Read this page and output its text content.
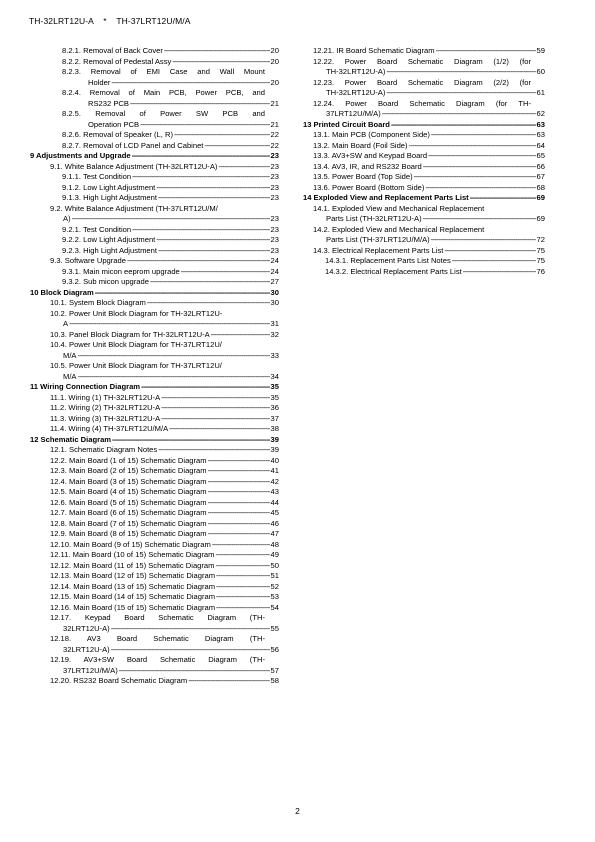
TH-32LRT12U-A    *    TH-37LRT12U/M/A
8.2.1. Removal of Back Cover -----	20
8.2.2. Removal of Pedestal Assy -----	20
8.2.3. Removal of EMI Case and Wall Mount
Holder -----	20
8.2.4. Removal of Main PCB, Power PCB, and
RS232 PCB -----	21
8.2.5. Removal of Power SW PCB and
Operation PCB -----	21
8.2.6. Removal of Speaker (L, R) -----	22
8.2.7. Removal of LCD Panel and Cabinet -----	22
9 Adjustments and Upgrade -----	23
9.1. White Balance Adjustment (TH-32LRT12U-A) -----	23
9.1.1. Test Condition -----	23
9.1.2. Low Light Adjustment -----	23
9.1.3. High Light Adjustment -----	23
9.2. White Balance Adjustment (TH-37LRT12U/M/
A) -----	23
9.2.1. Test Condition -----	23
9.2.2. Low Light Adjustment -----	23
9.2.3. High Light Adjustment -----	23
9.3. Software Upgrade -----	24
9.3.1. Main micon eeprom upgrade -----	24
9.3.2. Sub micon upgrade -----	27
10 Block Diagram -----	30
10.1. System Block Diagram -----	30
10.2. Power Unit Block Diagram for TH-32LRT12U-
A -----	31
10.3. Panel Block Diagram for TH-32LRT12U-A -----	32
10.4. Power Unit Block Diagram for TH-37LRT12U/
M/A -----	33
10.5. Power Unit Block Diagram for TH-37LRT12U/
M/A -----	34
11 Wiring Connection Diagram -----	35
11.1. Wiring (1) TH-32LRT12U-A -----	35
11.2. Wiring (2) TH-32LRT12U-A -----	36
11.3. Wiring (3) TH-32LRT12U-A -----	37
11.4. Wiring (4) TH-37LRT12U/M/A -----	38
12 Schematic Diagram -----	39
12.1. Schematic Diagram Notes -----	39
12.2. Main Board (1 of 15) Schematic Diagram -----	40
12.3. Main Board (2 of 15) Schematic Diagram -----	41
12.4. Main Board (3 of 15) Schematic Diagram -----	42
12.5. Main Board (4 of 15) Schematic Diagram -----	43
12.6. Main Board (5 of 15) Schematic Diagram -----	44
12.7. Main Board (6 of 15) Schematic Diagram -----	45
12.8. Main Board (7 of 15) Schematic Diagram -----	46
12.9. Main Board (8 of 15) Schematic Diagram -----	47
12.10. Main Board (9 of 15) Schematic Diagram -----	48
12.11. Main Board (10 of 15) Schematic Diagram -----	49
12.12. Main Board (11 of 15) Schematic Diagram -----	50
12.13. Main Board (12 of 15) Schematic Diagram -----	51
12.14. Main Board (13 of 15) Schematic Diagram -----	52
12.15. Main Board (14 of 15) Schematic Diagram -----	53
12.16. Main Board (15 of 15) Schematic Diagram -----	54
12.17. Keypad Board Schematic Diagram (TH-
32LRT12U-A) -----	55
12.18. AV3 Board Schematic Diagram (TH-
32LRT12U-A) -----	56
12.19. AV3+SW Board Schematic Diagram (TH-
37LRT12U/M/A) -----	57
12.20. RS232 Board Schematic Diagram -----	58
12.21. IR Board Schematic Diagram -----	59
12.22. Power Board Schematic Diagram (1/2) (for
TH-32LRT12U-A) -----	60
12.23. Power Board Schematic Diagram (2/2) (for
TH-32LRT12U-A) -----	61
12.24. Power Board Schematic Diagram (for TH-
37LRT12U/M/A) -----	62
13 Printed Circuit Board -----	63
13.1. Main PCB (Component Side) -----	63
13.2. Main Board (Foil Side) -----	64
13.3. AV3+SW and Keypad Board -----	65
13.4. AV3, IR, and RS232 Board -----	66
13.5. Power Board (Top Side) -----	67
13.6. Power Board (Bottom Side) -----	68
14 Exploded View and Replacement Parts List -----	69
14.1. Exploded View and Mechanical Replacement
Parts List (TH-32LRT12U-A) -----	69
14.2. Exploded View and Mechanical Replacement
Parts List (TH-37LRT12U/M/A) -----	72
14.3. Electrical Replacement Parts List -----	75
14.3.1. Replacement Parts List Notes -----	75
14.3.2. Electrical Replacement Parts List -----	76
2
